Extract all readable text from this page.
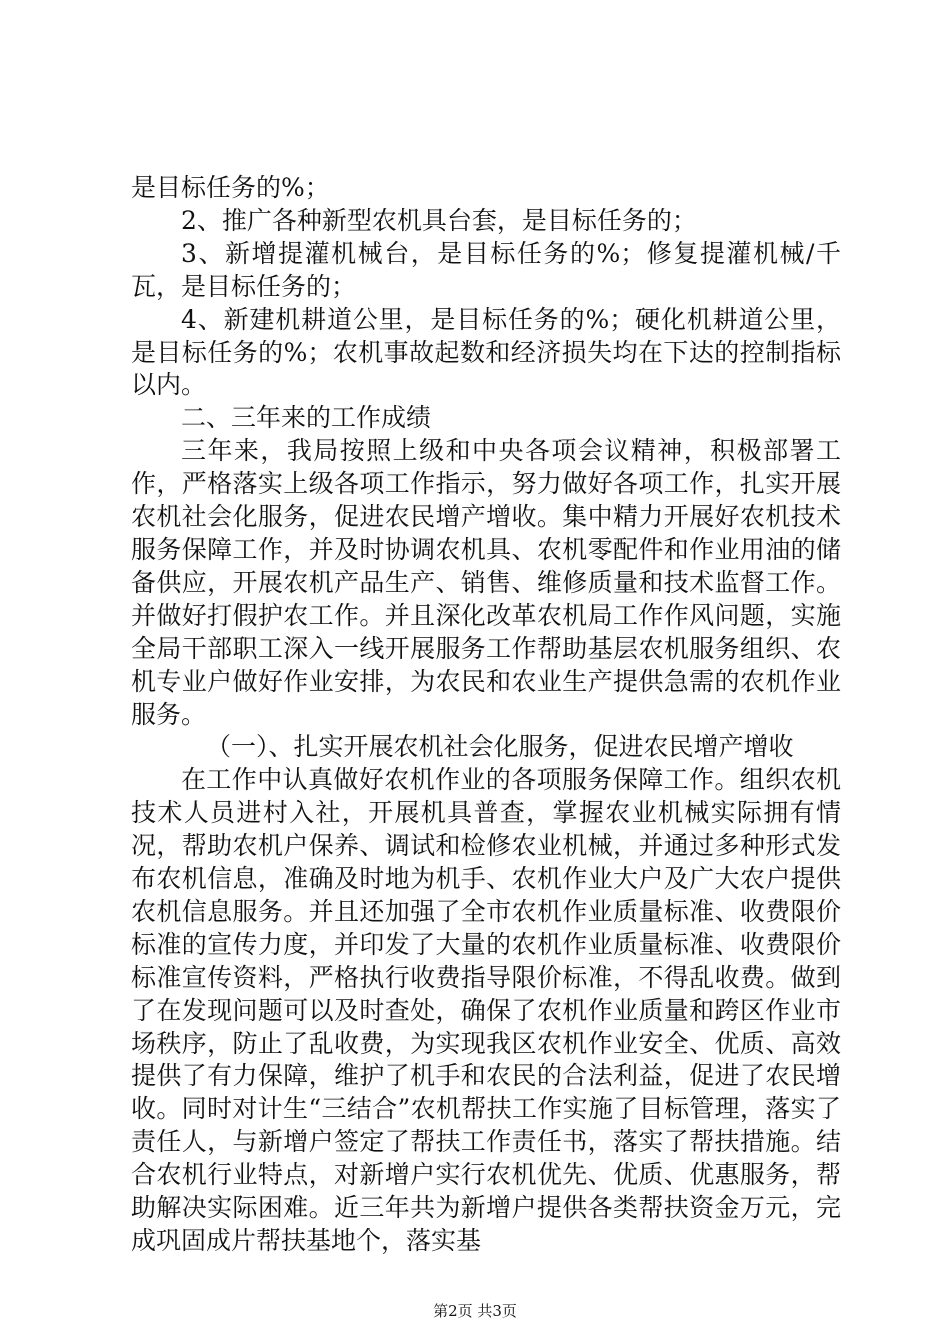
是目标任务的%；

2、推广各种新型农机具台套，是目标任务的；

3、新增提灌机械台，是目标任务的%；修复提灌机械/千瓦，是目标任务的；

4、新建机耕道公里，是目标任务的%；硬化机耕道公里，是目标任务的%；农机事故起数和经济损失均在下达的控制指标以内。

二、三年来的工作成绩

三年来，我局按照上级和中央各项会议精神，积极部署工作，严格落实上级各项工作指示，努力做好各项工作，扎实开展农机社会化服务，促进农民增产增收。集中精力开展好农机技术服务保障工作，并及时协调农机具、农机零配件和作业用油的储备供应，开展农机产品生产、销售、维修质量和技术监督工作。并做好打假护农工作。并且深化改革农机局工作作风问题，实施全局干部职工深入一线开展服务工作帮助基层农机服务组织、农机专业户做好作业安排，为农民和农业生产提供急需的农机作业服务。

（一）、扎实开展农机社会化服务，促进农民增产增收

在工作中认真做好农机作业的各项服务保障工作。组织农机技术人员进村入社，开展机具普查，掌握农业机械实际拥有情况，帮助农机户保养、调试和检修农业机械，并通过多种形式发布农机信息，准确及时地为机手、农机作业大户及广大农户提供农机信息服务。并且还加强了全市农机作业质量标准、收费限价标准的宣传力度，并印发了大量的农机作业质量标准、收费限价标准宣传资料，严格执行收费指导限价标准，不得乱收费。做到了在发现问题可以及时查处，确保了农机作业质量和跨区作业市场秩序，防止了乱收费，为实现我区农机作业安全、优质、高效提供了有力保障，维护了机手和农民的合法利益，促进了农民增收。同时对计生“三结合”农机帮扶工作实施了目标管理，落实了责任人，与新增户签定了帮扶工作责任书，落实了帮扶措施。结合农机行业特点，对新增户实行农机优先、优质、优惠服务，帮助解决实际困难。近三年共为新增户提供各类帮扶资金万元，完成巩固成片帮扶基地个，落实基

第2页 共3页
